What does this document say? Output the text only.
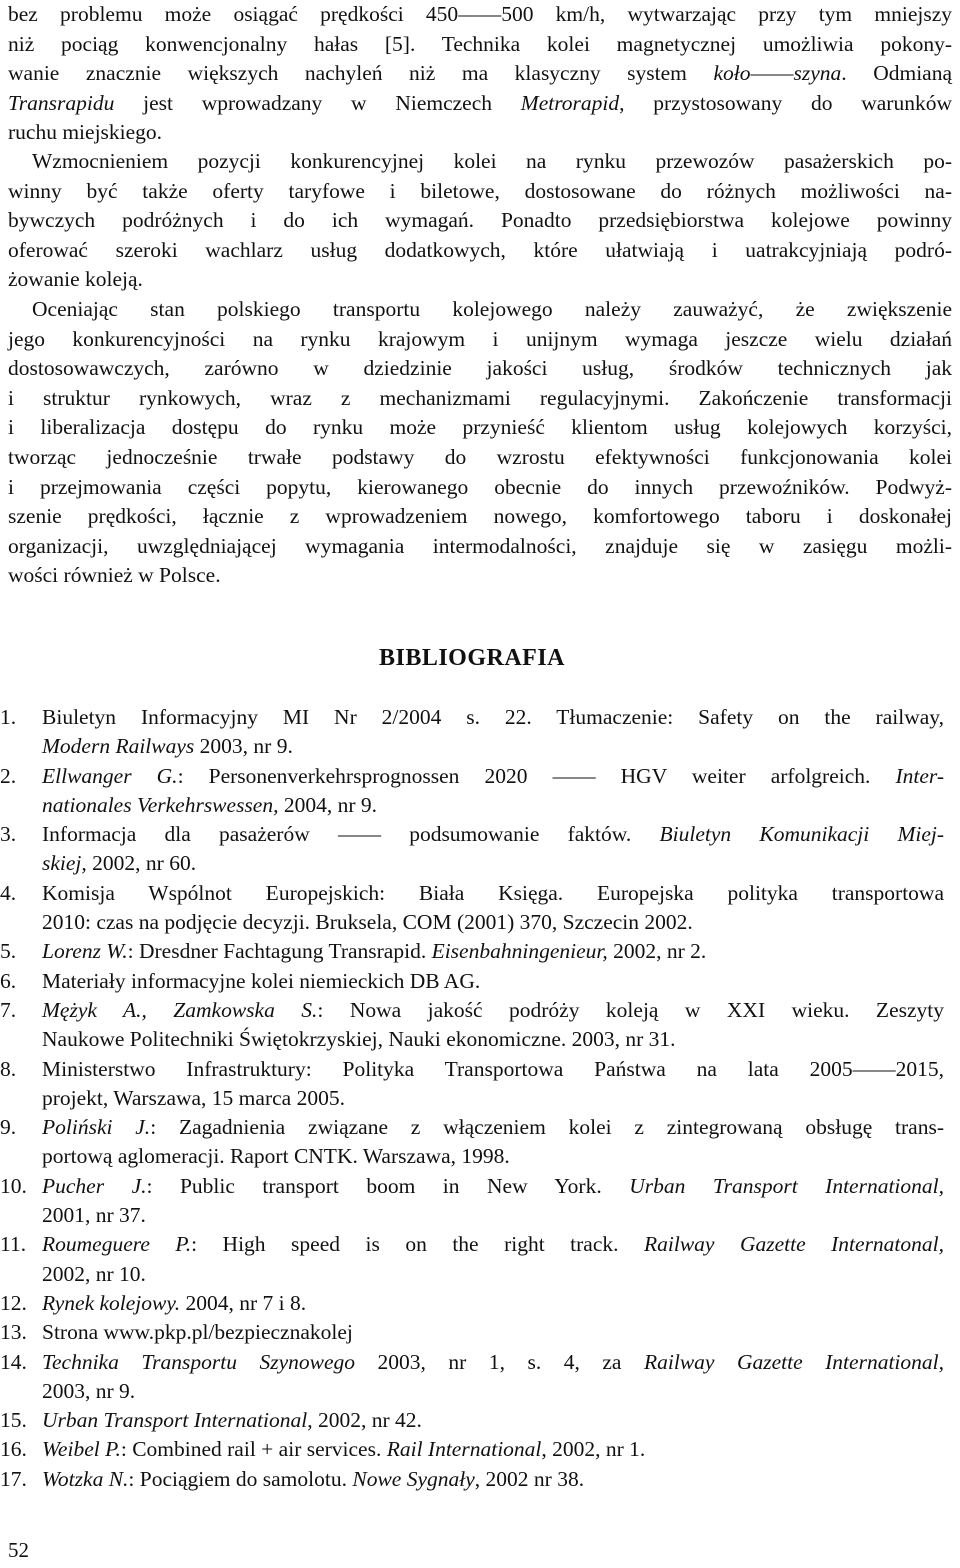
bez problemu może osiągać prędkości 450——500 km/h, wytwarzając przy tym mniejszy
niż pociąg konwencjonalny hałas [5]. Technika kolei magnetycznej umożliwia pokony-
wanie znacznie większych nachyleń niż ma klasyczny system koło——szyna. Odmianą
Transrapidu jest wprowadzany w Niemczech Metrorapid, przystosowany do warunków
ruchu miejskiego.
Wzmocnieniem pozycji konkurencyjnej kolei na rynku przewozów pasażerskich po-
winny być także oferty taryfowe i biletowe, dostosowane do różnych możliwości na-
bywczych podróżnych i do ich wymagań. Ponadto przedsiębiorstwa kolejowe powinny
oferować szeroki wachlarz usług dodatkowych, które ułatwiają i uatrakcyjniają podró-
żowanie koleją.
Oceniając stan polskiego transportu kolejowego należy zauważyć, że zwiększenie
jego konkurencyjności na rynku krajowym i unijnym wymaga jeszcze wielu działań
dostosowawczych, zarówno w dziedzinie jakości usług, środków technicznych jak
i struktur rynkowych, wraz z mechanizmami regulacyjnymi. Zakończenie transformacji
i liberalizacja dostępu do rynku może przynieść klientom usług kolejowych korzyści,
tworząc jednocześnie trwałe podstawy do wzrostu efektywności funkcjonowania kolei
i przejmowania części popytu, kierowanego obecnie do innych przewoźników. Podwyż-
szenie prędkości, łącznie z wprowadzeniem nowego, komfortowego taboru i doskonałej
organizacji, uwzględniającej wymagania intermodalności, znajduje się w zasięgu możli-
wości również w Polsce.
BIBLIOGRAFIA
1.	Biuletyn Informacyjny MI Nr 2/2004 s. 22. Tłumaczenie: Safety on the railway,
Modern Railways 2003, nr 9.
2.	Ellwanger G.: Personenverkehrsprognossen 2020 —— HGV weiter arfolgreich. Inter-
nationales Verkehrswessen, 2004, nr 9.
3.	Informacja dla pasażerów —— podsumowanie faktów. Biuletyn Komunikacji Miej-
skiej, 2002, nr 60.
4.	Komisja Wspólnot Europejskich: Biała Księga. Europejska polityka transportowa
2010: czas na podjęcie decyzji. Bruksela, COM (2001) 370, Szczecin 2002.
5.	Lorenz W.: Dresdner Fachtagung Transrapid. Eisenbahningenieur, 2002, nr 2.
6.	Materiały informacyjne kolei niemieckich DB AG.
7.	Mężyk A., Zamkowska S.: Nowa jakość podróży koleją w XXI wieku. Zeszyty
Naukowe Politechniki Świętokrzyskiej, Nauki ekonomiczne. 2003, nr 31.
8.	Ministerstwo Infrastruktury: Polityka Transportowa Państwa na lata 2005——2015,
projekt, Warszawa, 15 marca 2005.
9.	Poliński J.: Zagadnienia związane z włączeniem kolei z zintegrowaną obsługę trans-
portową aglomeracji. Raport CNTK. Warszawa, 1998.
10. Pucher J.: Public transport boom in New York. Urban Transport International,
2001, nr 37.
11. Roumeguere P.: High speed is on the right track. Railway Gazette Internatonal,
2002, nr 10.
12. Rynek kolejowy. 2004, nr 7 i 8.
13. Strona www.pkp.pl/bezpiecznakolej
14. Technika Transportu Szynowego 2003, nr 1, s. 4, za Railway Gazette International,
2003, nr 9.
15. Urban Transport International, 2002, nr 42.
16. Weibel P.: Combined rail + air services. Rail International, 2002, nr 1.
17. Wotzka N.: Pociągiem do samolotu. Nowe Sygnały, 2002 nr 38.
52
